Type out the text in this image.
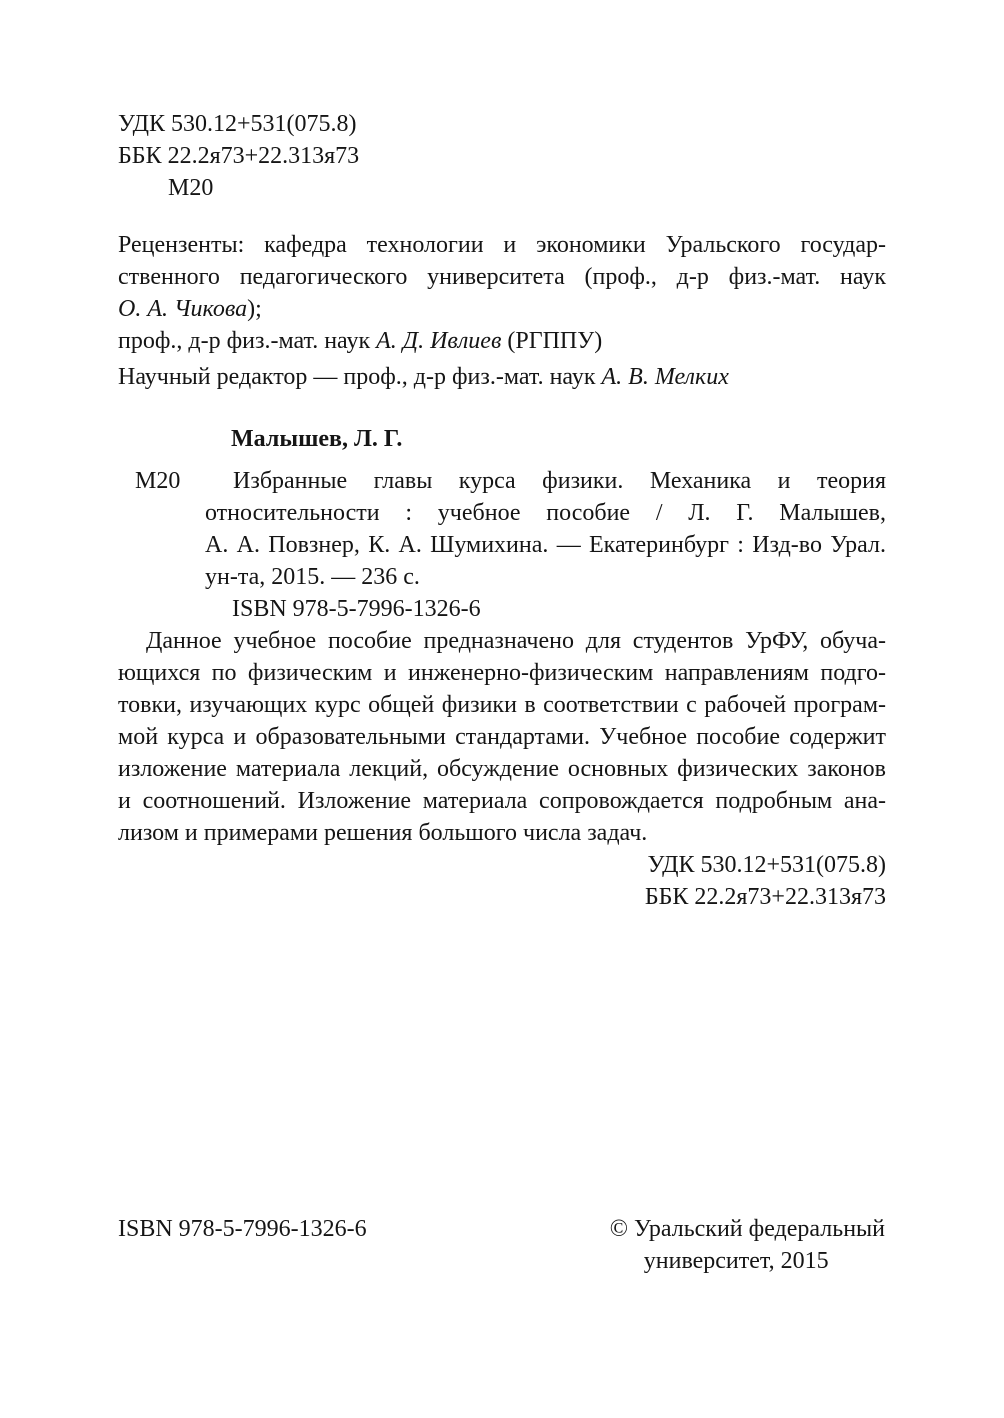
УДК 530.12+531(075.8)
ББК 22.2я73+22.313я73
М20
Рецензенты: кафедра технологии и экономики Уральского государ-
ственного педагогического университета (проф., д-р физ.-мат. наук
О. А. Чикова);
проф., д-р физ.-мат. наук А. Д. Ивлиев (РГППУ)
Научный редактор — проф., д-р физ.-мат. наук А. В. Мелких
Малышев, Л. Г.
М20	Избранные главы курса физики. Механика и теория
относительности : учебное пособие / Л. Г. Малышев,
А. А. Повзнер, К. А. Шумихина. — Екатеринбург : Изд-во Урал.
ун-та, 2015. — 236 с.
ISBN 978-5-7996-1326-6
Данное учебное пособие предназначено для студентов УрФУ, обуча-
ющихся по физическим и инженерно-физическим направлениям подго-
товки, изучающих курс общей физики в соответствии с рабочей програм-
мой курса и образовательными стандартами. Учебное пособие содержит
изложение материала лекций, обсуждение основных физических законов
и соотношений. Изложение материала сопровождается подробным ана-
лизом и примерами решения большого числа задач.
УДК 530.12+531(075.8)
ББК 22.2я73+22.313я73
ISBN 978-5-7996-1326-6	© Уральский федеральный
университет, 2015
